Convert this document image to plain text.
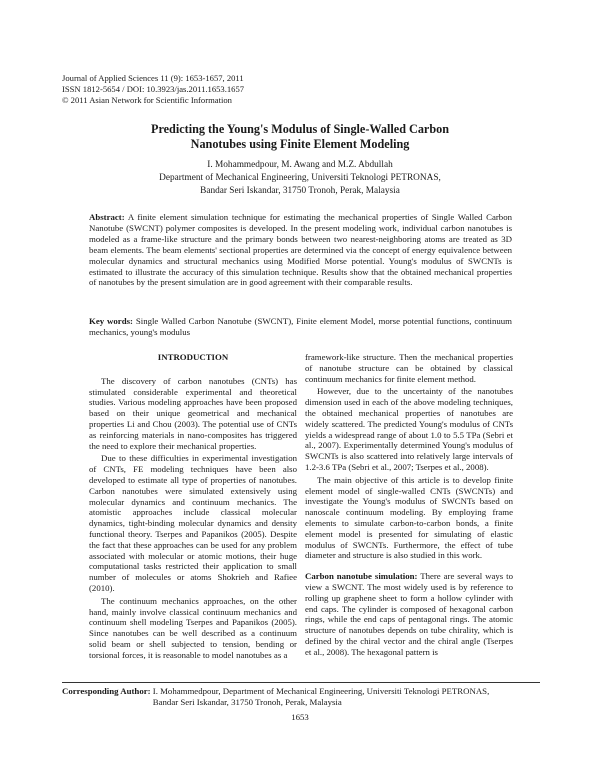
Journal of Applied Sciences 11 (9): 1653-1657, 2011
ISSN 1812-5654 / DOI: 10.3923/jas.2011.1653.1657
© 2011 Asian Network for Scientific Information
Predicting the Young's Modulus of Single-Walled Carbon
Nanotubes using Finite Element Modeling
I. Mohammedpour, M. Awang and M.Z. Abdullah
Department of Mechanical Engineering, Universiti Teknologi PETRONAS,
Bandar Seri Iskandar, 31750 Tronoh, Perak, Malaysia
Abstract: A finite element simulation technique for estimating the mechanical properties of Single Walled Carbon Nanotube (SWCNT) polymer composites is developed. In the present modeling work, individual carbon nanotubes is modeled as a frame-like structure and the primary bonds between two nearest-neighboring atoms are treated as 3D beam elements. The beam elements' sectional properties are determined via the concept of energy equivalence between molecular dynamics and structural mechanics using Modified Morse potential. Young's modulus of SWCNTs is estimated to illustrate the accuracy of this simulation technique. Results show that the obtained mechanical properties of nanotubes by the present simulation are in good agreement with their comparable results.
Key words: Single Walled Carbon Nanotube (SWCNT), Finite element Model, morse potential functions, continuum mechanics, young's modulus
INTRODUCTION

The discovery of carbon nanotubes (CNTs) has stimulated considerable experimental and theoretical studies. Various modeling approaches have been proposed based on their unique geometrical and mechanical properties Li and Chou (2003). The potential use of CNTs as reinforcing materials in nano-composites has triggered the need to explore their mechanical properties.

Due to these difficulties in experimental investigation of CNTs, FE modeling techniques have been also developed to estimate all type of properties of nanotubes. Carbon nanotubes were simulated extensively using molecular dynamics and continuum mechanics. The atomistic approaches include classical molecular dynamics, tight-binding molecular dynamics and density functional theory. Tserpes and Papanikos (2005). Despite the fact that these approaches can be used for any problem associated with molecular or atomic motions, their huge computational tasks restricted their application to small number of molecules or atoms Shokrieh and Rafiee (2010).

The continuum mechanics approaches, on the other hand, mainly involve classical continuum mechanics and continuum shell modeling Tserpes and Papanikos (2005). Since nanotubes can be well described as a continuum solid beam or shell subjected to tension, bending or torsional forces, it is reasonable to model nanotubes as a

framework-like structure. Then the mechanical properties of nanotube structure can be obtained by classical continuum mechanics for finite element method.

However, due to the uncertainty of the nanotubes dimension used in each of the above modeling techniques, the obtained mechanical properties of nanotubes are widely scattered. The predicted Young's modulus of CNTs yields a widespread range of about 1.0 to 5.5 TPa (Sebri et al., 2007). Experimentally determined Young's modulus of SWCNTs is also scattered into relatively large intervals of 1.2-3.6 TPa (Sebri et al., 2007; Tserpes et al., 2008).

The main objective of this article is to develop finite element model of single-walled CNTs (SWCNTs) and investigate the Young's modulus of SWCNTs based on nanoscale continuum modeling. By employing frame elements to simulate carbon-to-carbon bonds, a finite element model is presented for simulating of elastic modulus of SWCNTs. Furthermore, the effect of tube diameter and structure is also studied in this work.

Carbon nanotube simulation: There are several ways to view a SWCNT. The most widely used is by reference to rolling up graphene sheet to form a hollow cylinder with end caps. The cylinder is composed of hexagonal carbon rings, while the end caps of pentagonal rings. The atomic structure of nanotubes depends on tube chirality, which is defined by the chiral vector and the chiral angle (Tserpes et al., 2008). The hexagonal pattern is

Corresponding Author: I. Mohammedpour, Department of Mechanical Engineering, Universiti Teknologi PETRONAS, Bandar Seri Iskandar, 31750 Tronoh, Perak, Malaysia
1653
